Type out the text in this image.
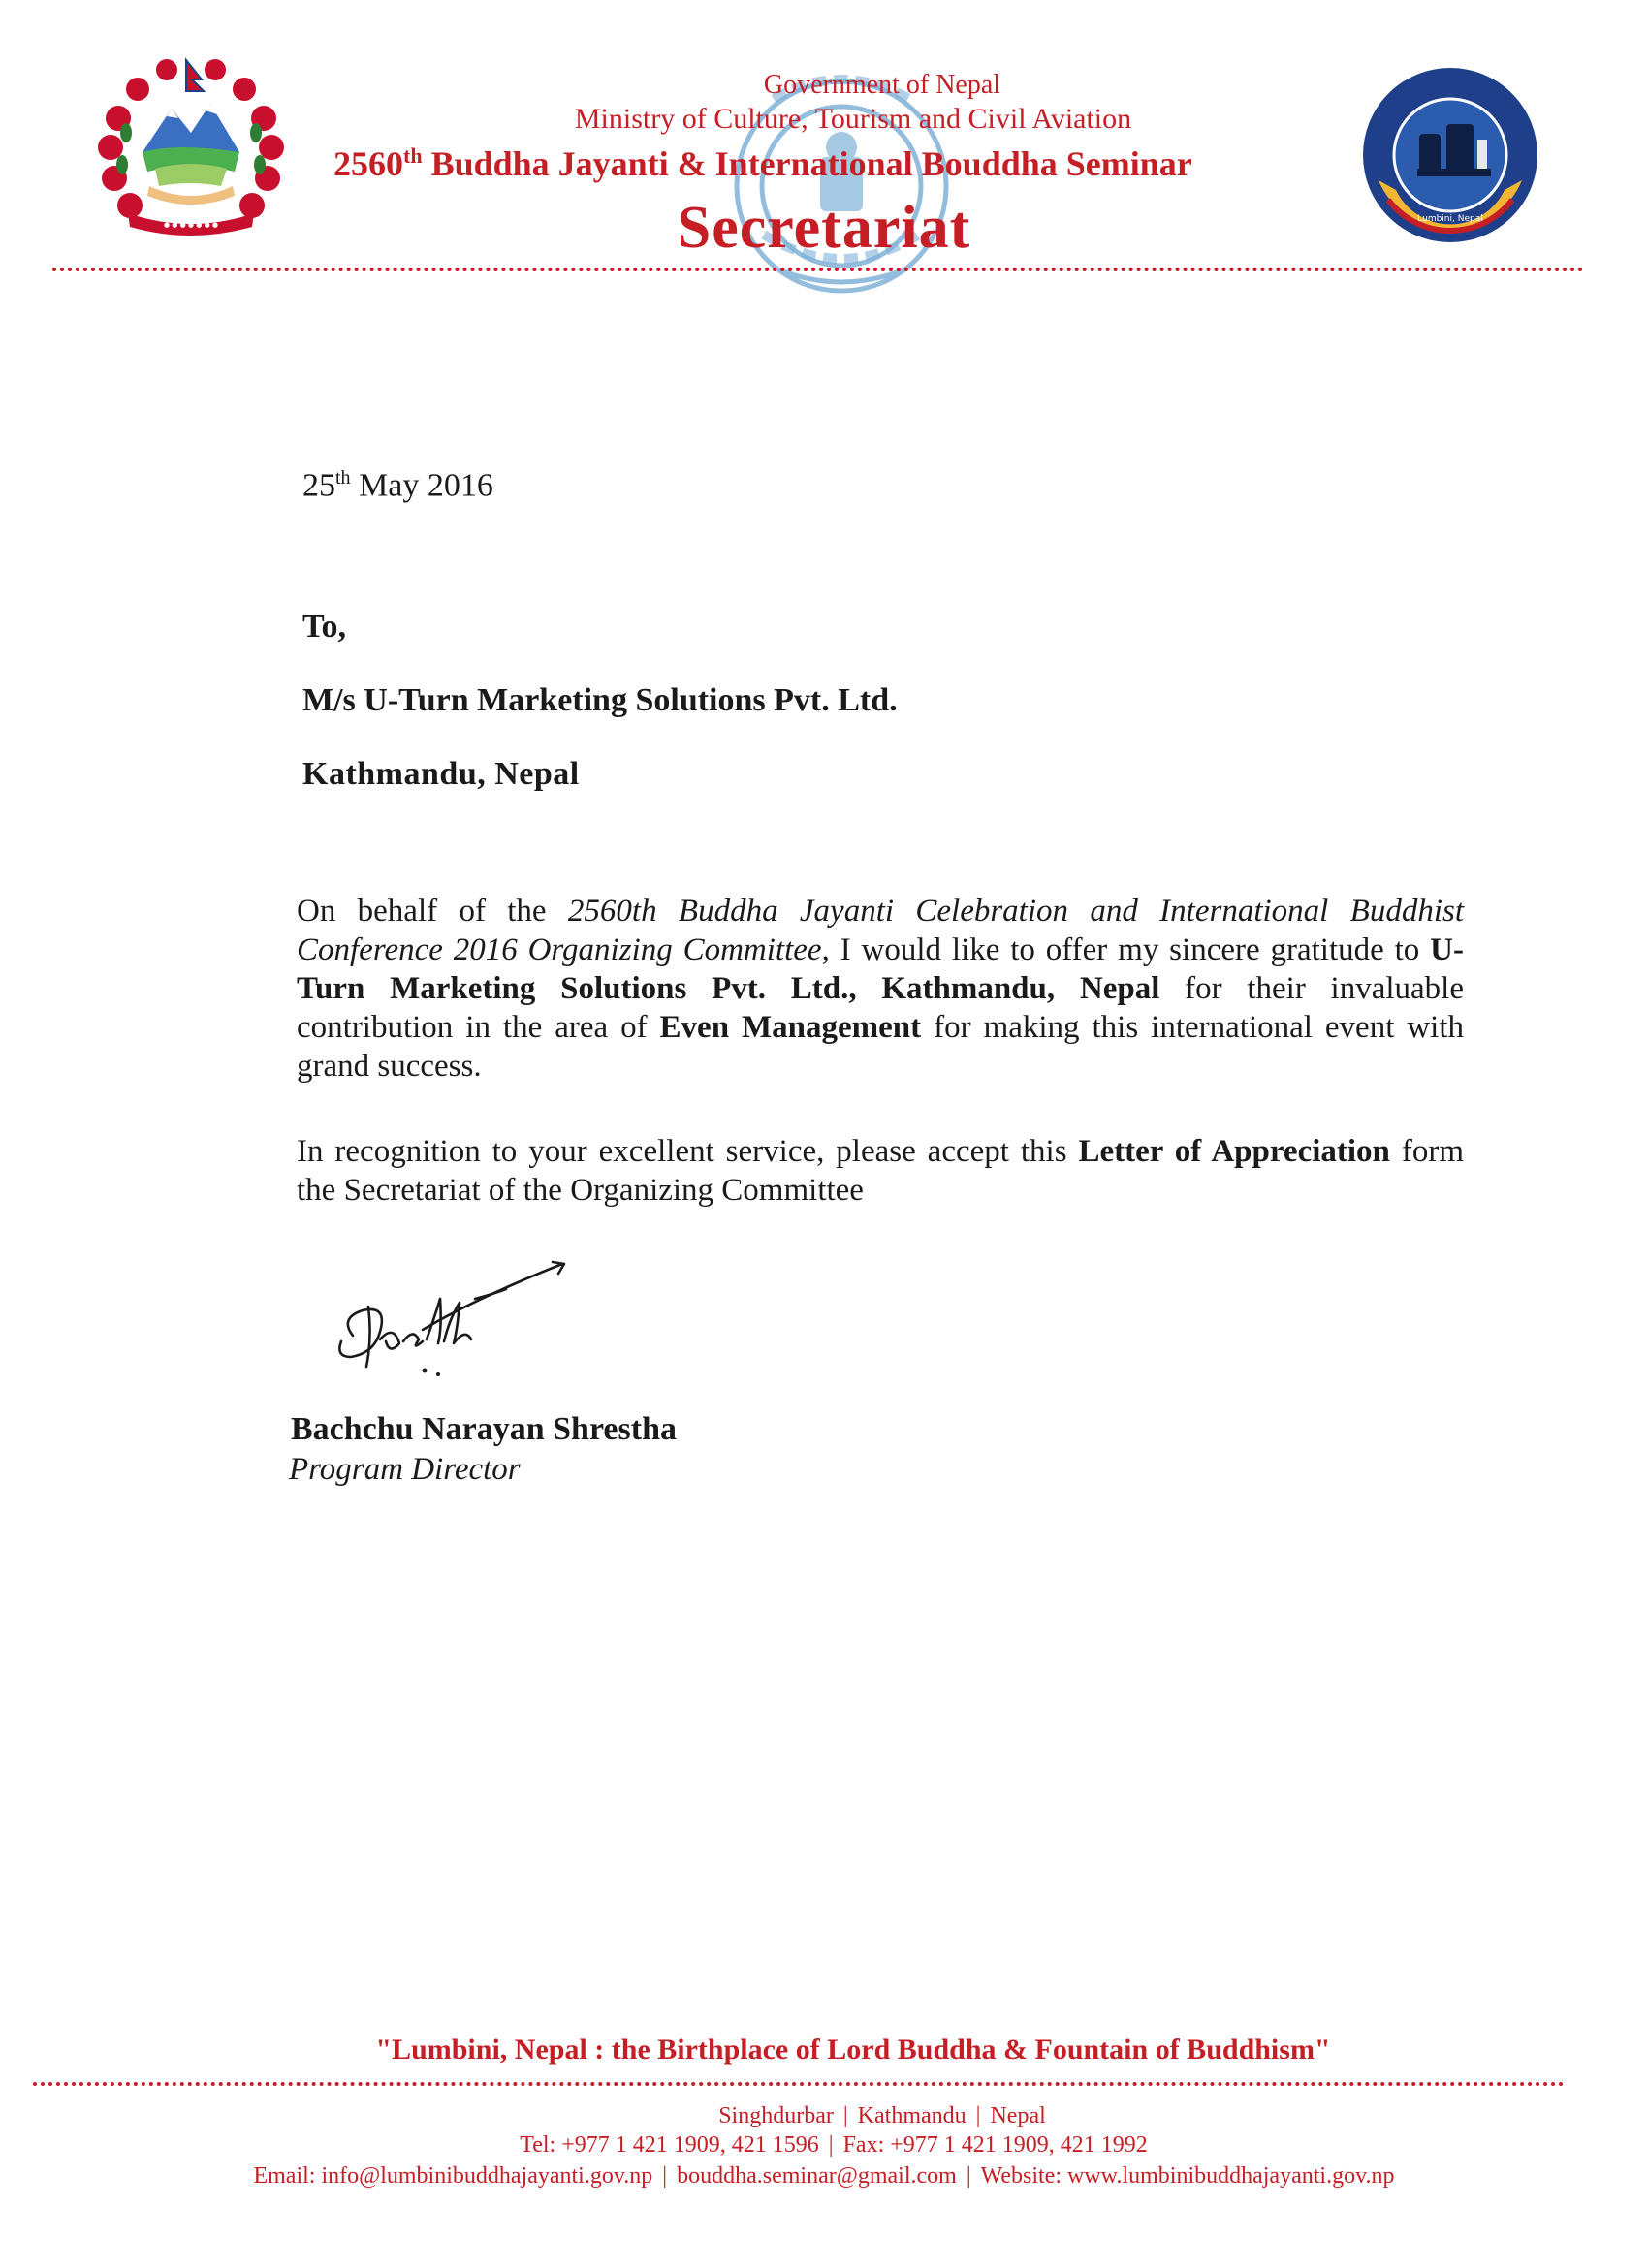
● ● ● ● ● ● ●
Lumbini, Nepal
Government of Nepal
Ministry of Culture, Tourism and Civil Aviation
2560th Buddha Jayanti & International Bouddha Seminar
Secretariat
25th May 2016
To,
M/s U-Turn Marketing Solutions Pvt. Ltd.
Kathmandu, Nepal
On behalf of the 2560th Buddha Jayanti Celebration and International Buddhist Conference 2016 Organizing Committee, I would like to offer my sincere gratitude to U-Turn Marketing Solutions Pvt. Ltd., Kathmandu, Nepal for their invaluable contribution in the area of Even Management for making this international event with grand success.
In recognition to your excellent service, please accept this Letter of Appreciation form the Secretariat of the Organizing Committee
Bachchu Narayan Shrestha
Program Director
"Lumbini, Nepal : the Birthplace of Lord Buddha & Fountain of Buddhism"
Singhdurbar | Kathmandu | Nepal
Tel: +977 1 421 1909, 421 1596 | Fax: +977 1 421 1909, 421 1992
Email: info@lumbinibuddhajayanti.gov.np | bouddha.seminar@gmail.com | Website: www.lumbinibuddhajayanti.gov.np
